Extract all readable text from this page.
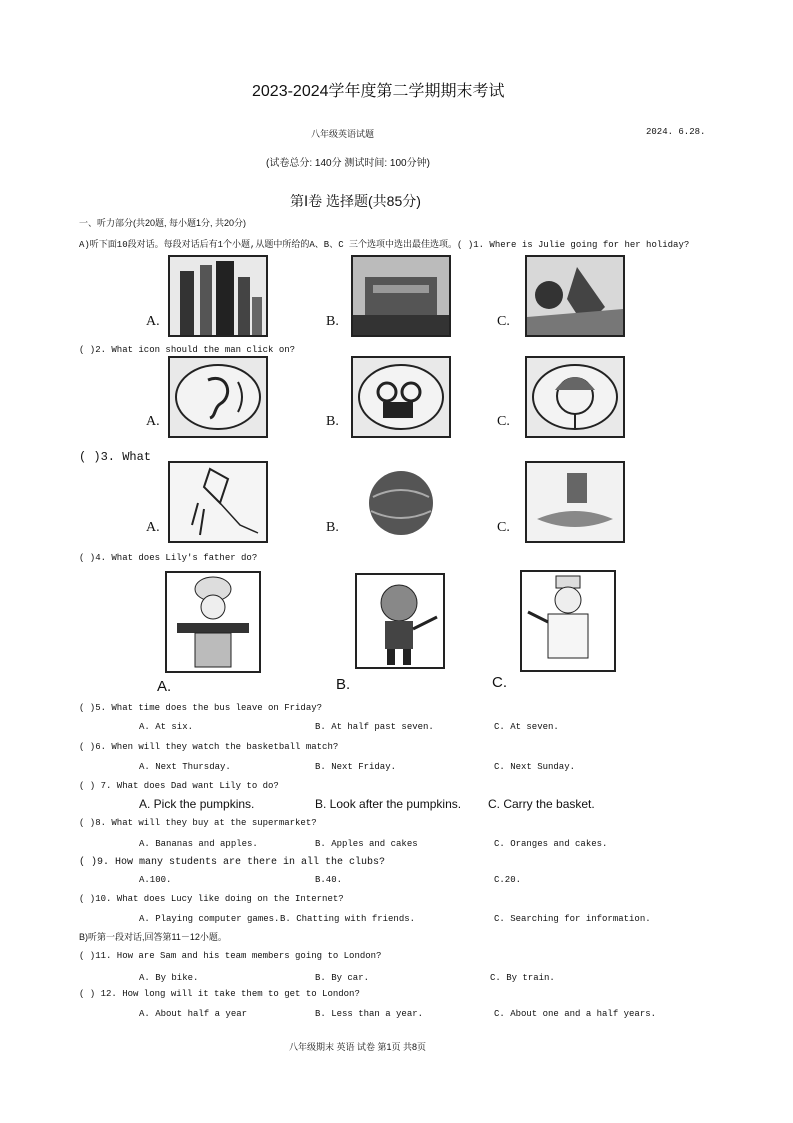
2023-2024学年度第二学期期末考试
八年级英语试题	2024. 6.28.
(试卷总分: 140分 测试时间: 100分钟)
第Ⅰ卷 选择题(共85分)
一、听力部分(共20题, 每小题1分, 共20分)
A)听下面10段对话。每段对话后有1个小题,从题中所给的A、B、C 三个选项中选出最佳选项。( )1. Where is Julie going for her holiday?
A.	B.	C.
( )2. What icon should the man click on?
A.	B.	C.
( )3. What
A.	B.	C.
( )4. What does Lily's father do?
A.	B.	C.
( )5. What time does the bus leave on Friday?
A. At six.	B. At half past seven.	C. At seven.
( )6. When will they watch the basketball match?
A. Next Thursday.	B. Next Friday.	C. Next Sunday.
( ) 7. What does Dad want Lily to do?
A. Pick the pumpkins.	B. Look after the pumpkins. C. Carry the basket.
( )8. What will they buy at the supermarket?
A. Bananas and apples.	B. Apples and cakes	C. Oranges and cakes.
( )9. How many students are there in all the clubs?
A.100.	B.40.	C.20.
( )10. What does Lucy like doing on the Internet?
A. Playing computer games. B. Chatting with friends.	C. Searching for information.
B)听第一段对话,回答第11－12小题。
( )11. How are Sam and his team members going to London?
A. By bike.	B. By car.	C. By train.
( ) 12. How long will it take them to get to London?
A. About half a year	B. Less than a year.	C. About one and a half years.
八年级期末 英语 试卷 第1页 共8页
